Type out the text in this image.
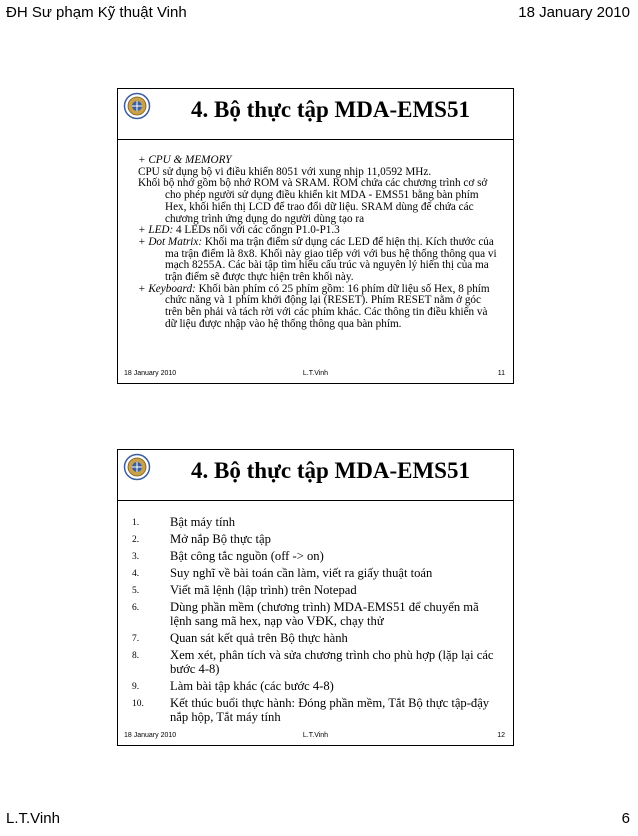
ĐH Sư phạm Kỹ thuật Vinh	18 January 2010
4. Bộ thực tập MDA-EMS51
+ CPU & MEMORY
CPU sử dụng bộ vi điều khiển 8051 với xung nhịp 11,0592 MHz.
Khối bộ nhớ gồm bộ nhớ ROM và SRAM. ROM chứa các chương trình cơ sở cho phép người sử dụng điều khiển kit MDA - EMS51 bằng bàn phím Hex, khối hiển thị LCD để trao đổi dữ liệu. SRAM dùng để chứa các chương trình ứng dụng do người dùng tạo ra
+ LED: 4 LEDs nối với các cổngn P1.0-P1.3
+ Dot Matrix: Khối ma trận điểm sử dụng các LED để hiện thị. Kích thước của ma trận điểm là 8x8. Khối này giao tiếp với với bus hệ thống thông qua vi mạch 8255A. Các bài tập tìm hiểu cấu trúc và nguyên lý hiển thị của ma trận điểm sẽ được thực hiện trên khối này.
+ Keyboard: Khối bàn phím có 25 phím gồm: 16 phím dữ liệu số Hex, 8 phím chức năng và 1 phím khởi động lại (RESET). Phím RESET nằm ở góc trên bên phải và tách rời với các phím khác. Các thông tin điều khiển và dữ liệu được nhập vào hệ thống thông qua bàn phím.
18 January 2010	L.T.Vinh	11
4. Bộ thực tập MDA-EMS51
1. Bật máy tính
2. Mở nắp Bộ thực tập
3. Bật công tắc nguồn (off -> on)
4. Suy nghĩ về bài toán cần làm, viết ra giấy thuật toán
5. Viết mã lệnh (lập trình) trên Notepad
6. Dùng phần mềm (chương trình) MDA-EMS51 để chuyển mã lệnh sang mã hex, nạp vào VĐK, chạy thử
7. Quan sát kết quả trên Bộ thực hành
8. Xem xét, phân tích và sửa chương trình cho phù hợp (lặp lại các bước 4-8)
9. Làm bài tập khác (các bước 4-8)
10. Kết thúc buổi thực hành: Đóng phần mềm, Tắt Bộ thực tập-đậy nắp hộp, Tắt máy tính
18 January 2010	L.T.Vinh	12
L.T.Vinh	6
